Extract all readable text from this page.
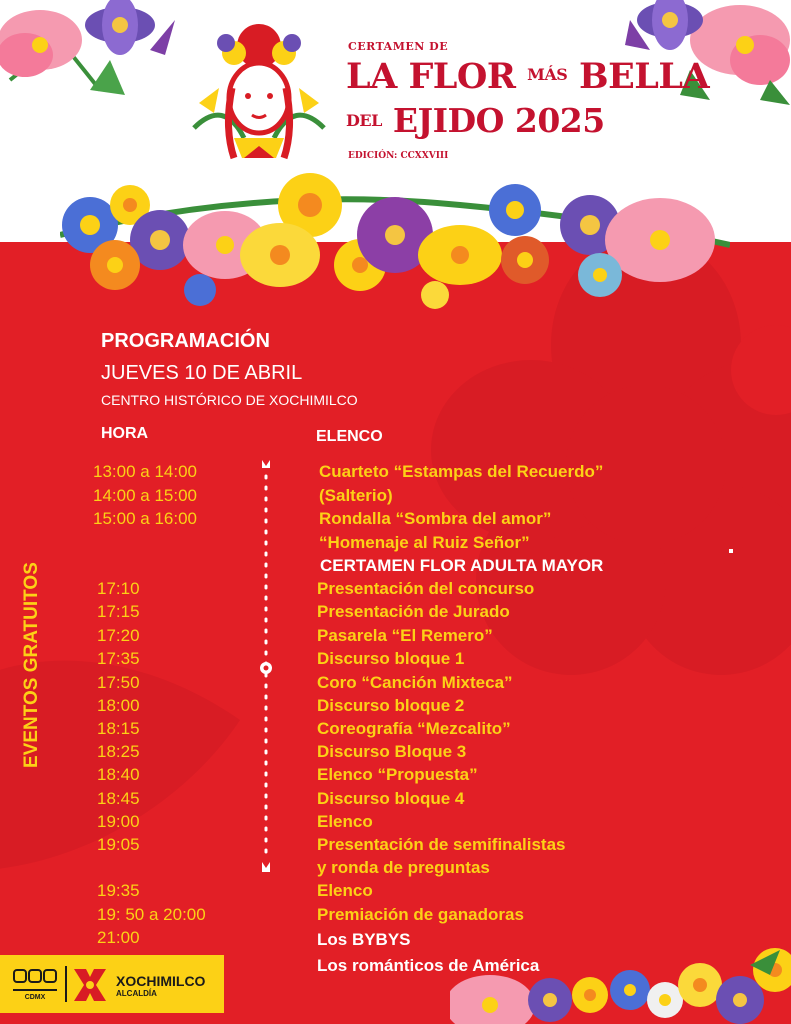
CERTAMEN DE
LA FLOR $^{MÁS}$ BELLA
DEL EJIDO 2025
EDICIÓN: CCXXVIII
PROGRAMACIÓN
JUEVES 10 DE ABRIL
CENTRO HISTÓRICO DE XOCHIMILCO
HORA	ELENCO
EVENTOS GRATUITOS
13:00 a 14:00
14:00 a 15:00
15:00 a 16:00
17:10
17:15
17:20
17:35
17:50
18:00
18:15
18:25
18:40
18:45
19:00
19:05
19:35
19: 50 a 20:00
21:00
Cuarteto “Estampas del Recuerdo”
(Salterio)
Rondalla “Sombra del amor”
“Homenaje al Ruiz Señor”
CERTAMEN FLOR ADULTA MAYOR
Presentación del concurso
Presentación de Jurado
Pasarela “El Remero”
Discurso bloque 1
Coro “Canción Mixteca”
Discurso bloque 2
Coreografía “Mezcalito”
Discurso Bloque 3
Elenco “Propuesta”
Discurso bloque 4
Elenco
Presentación de semifinalistas
y ronda de preguntas
Elenco
Premiación de ganadoras
Los BYBYS
Los románticos de América
CDMX
XOCHIMILCO
ALCALDÍA
